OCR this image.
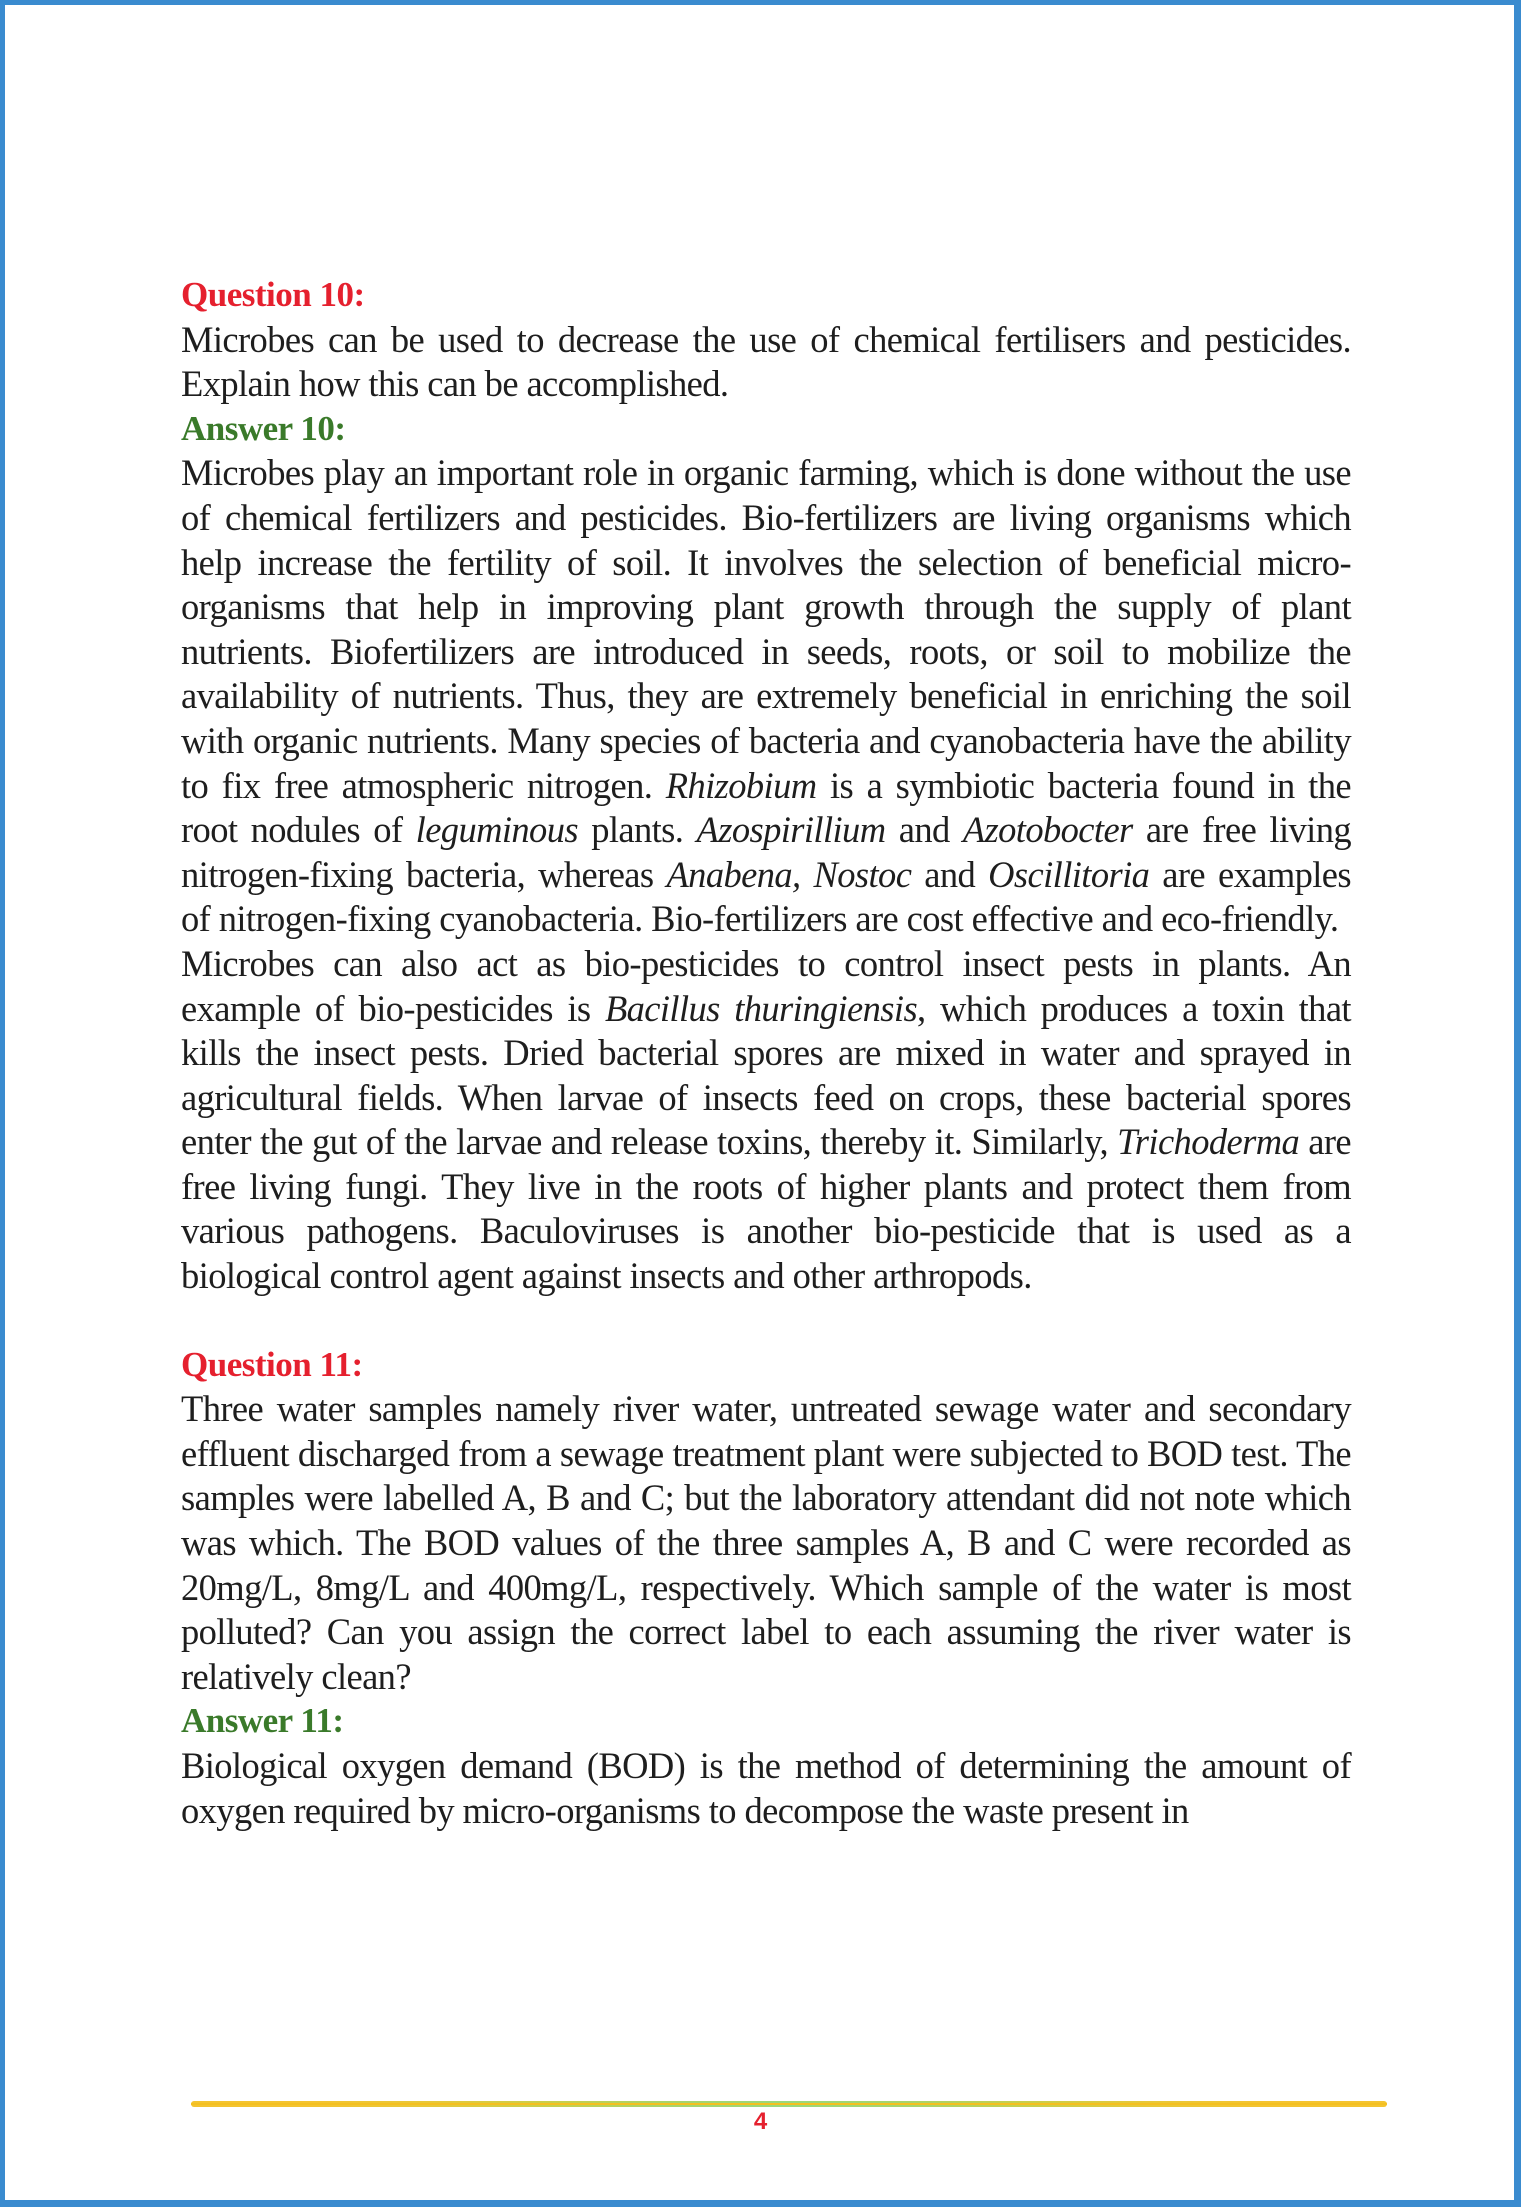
Question 10:
Microbes can be used to decrease the use of chemical fertilisers and pesticides. Explain how this can be accomplished.
Answer 10:
Microbes play an important role in organic farming, which is done without the use of chemical fertilizers and pesticides. Bio-fertilizers are living organisms which help increase the fertility of soil. It involves the selection of beneficial micro-organisms that help in improving plant growth through the supply of plant nutrients. Biofertilizers are introduced in seeds, roots, or soil to mobilize the availability of nutrients. Thus, they are extremely beneficial in enriching the soil with organic nutrients. Many species of bacteria and cyanobacteria have the ability to fix free atmospheric nitrogen. Rhizobium is a symbiotic bacteria found in the root nodules of leguminous plants. Azospirillium and Azotobocter are free living nitrogen-fixing bacteria, whereas Anabena, Nostoc and Oscillitoria are examples of nitrogen-fixing cyanobacteria. Bio-fertilizers are cost effective and eco-friendly.
Microbes can also act as bio-pesticides to control insect pests in plants. An example of bio-pesticides is Bacillus thuringiensis, which produces a toxin that kills the insect pests. Dried bacterial spores are mixed in water and sprayed in agricultural fields. When larvae of insects feed on crops, these bacterial spores enter the gut of the larvae and release toxins, thereby it. Similarly, Trichoderma are free living fungi. They live in the roots of higher plants and protect them from various pathogens. Baculoviruses is another bio-pesticide that is used as a biological control agent against insects and other arthropods.
Question 11:
Three water samples namely river water, untreated sewage water and secondary effluent discharged from a sewage treatment plant were subjected to BOD test. The samples were labelled A, B and C; but the laboratory attendant did not note which was which. The BOD values of the three samples A, B and C were recorded as 20mg/L, 8mg/L and 400mg/L, respectively. Which sample of the water is most polluted? Can you assign the correct label to each assuming the river water is relatively clean?
Answer 11:
Biological oxygen demand (BOD) is the method of determining the amount of oxygen required by micro-organisms to decompose the waste present in
4
